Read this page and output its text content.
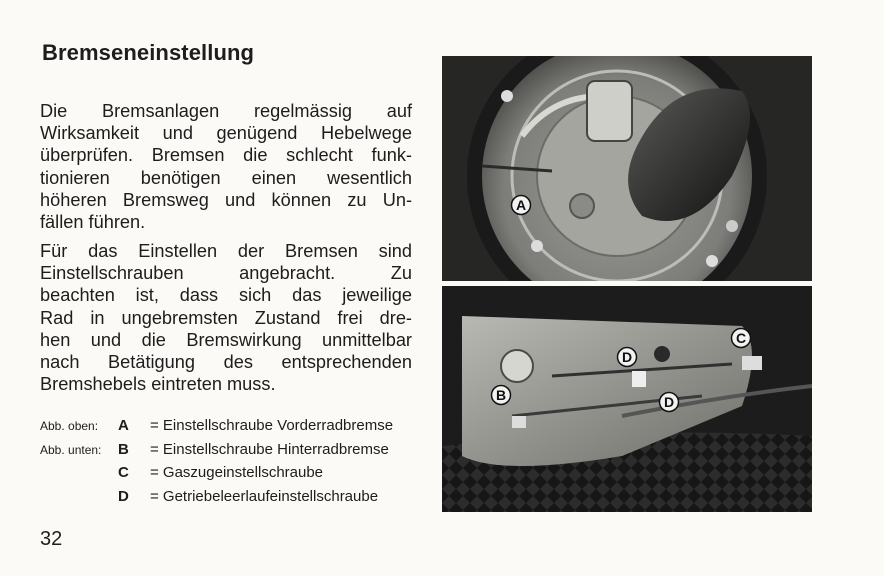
Bremseneinstellung
Die Bremsanlagen regelmässig auf
Wirksamkeit und genügend Hebelwege
überprüfen. Bremsen die schlecht funk-
tionieren benötigen einen wesentlich
höheren Bremsweg und können zu Un-
fällen führen.
Für das Einstellen der Bremsen sind
Einstellschrauben angebracht. Zu
beachten ist, dass sich das jeweilige
Rad in ungebremsten Zustand frei dre-
hen und die Bremswirkung unmittelbar
nach Betätigung des entsprechenden
Bremshebels eintreten muss.
Abb. oben:	A = Einstellschraube Vorderradbremse
Abb. unten:	B = Einstellschraube Hinterradbremse
C = Gaszugeinstellschraube
D = Getriebeleerlaufeinstellschraube
32
A
B
C
D
D
